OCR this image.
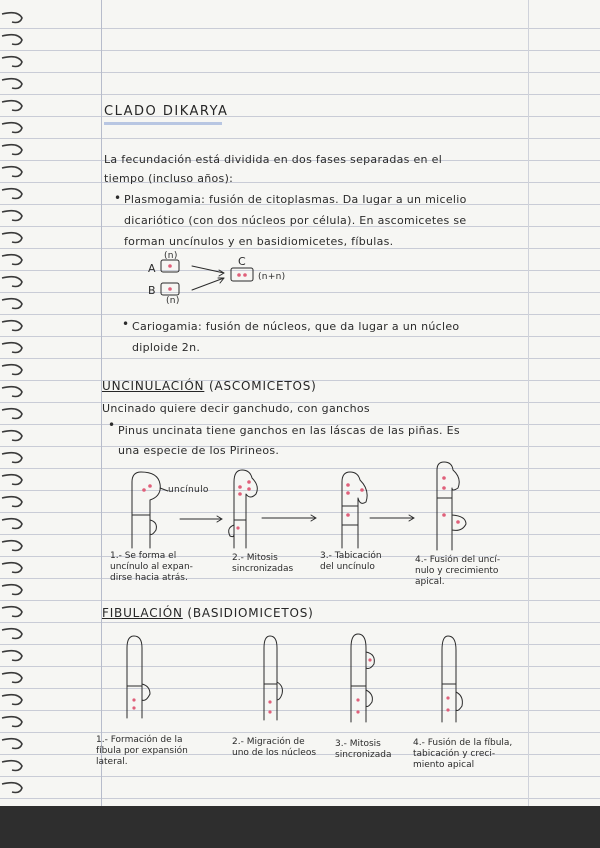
CLADO DIKARYA
La fecundación está dividida en dos fases separadas en el
tiempo (incluso años):
• Plasmogamia: fusión de citoplasmas. Da lugar a un micelio
dicariótico (con dos núcleos por célula). En ascomicetes se
forman uncínulos y en basidiomicetes, fíbulas.
A
B
C
(n)
(n)
(n+n)
• Cariogamia: fusión de núcleos, que da lugar a un núcleo
diploide 2n.
UNCINULACIÓN (ASCOMICETOS)
Uncinado quiere decir ganchudo, con ganchos
• Pinus uncinata tiene ganchos en las láscas de las piñas. Es
una especie de los Pirineos.
uncínulo
1.- Se forma el
uncínulo al expan-
dirse hacia atrás.
2.- Mitosis
sincronizadas
3.- Tabicación
del uncínulo
4.- Fusión del uncí-
nulo y crecimiento
apical.
FIBULACIÓN (BASIDIOMICETOS)
1.- Formación de la
fíbula por expansión
lateral.
2.- Migración de
uno de los núcleos
3.- Mitosis
sincronizada
4.- Fusión de la fíbula,
tabicación y creci-
miento apical
